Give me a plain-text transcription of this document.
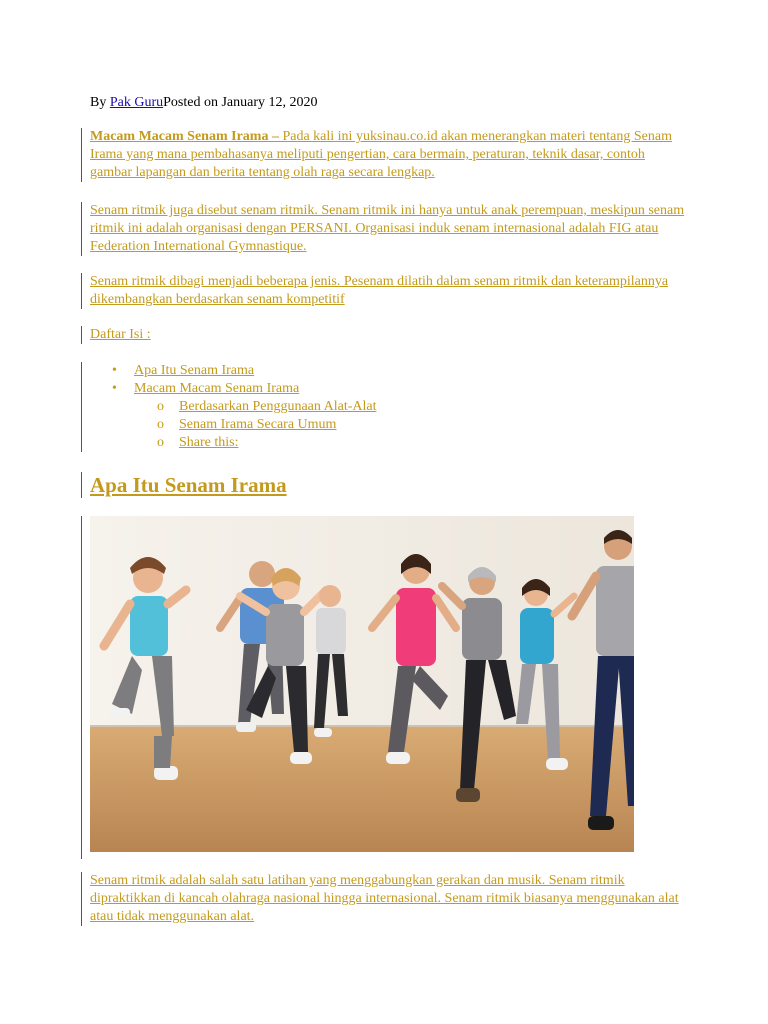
By Pak GuruPosted on January 12, 2020
Macam Macam Senam Irama – Pada kali ini yuksinau.co.id akan menerangkan materi tentang Senam Irama yang mana pembahasanya meliputi pengertian, cara bermain, peraturan, teknik dasar, contoh gambar lapangan dan berita tentang olah raga secara lengkap.
Senam ritmik juga disebut senam ritmik. Senam ritmik ini hanya untuk anak perempuan, meskipun senam ritmik ini adalah organisasi dengan PERSANI. Organisasi induk senam internasional adalah FIG atau Federation International Gymnastique.
Senam ritmik dibagi menjadi beberapa jenis. Pesenam dilatih dalam senam ritmik dan keterampilannya dikembangkan berdasarkan senam kompetitif
Daftar Isi :
• Apa Itu Senam Irama
• Macam Macam Senam Irama
o Berdasarkan Penggunaan Alat-Alat
o Senam Irama Secara Umum
o Share this:
Apa Itu Senam Irama
Senam ritmik adalah salah satu latihan yang menggabungkan gerakan dan musik. Senam ritmik dipraktikkan di kancah olahraga nasional hingga internasional. Senam ritmik biasanya menggunakan alat atau tidak menggunakan alat.
